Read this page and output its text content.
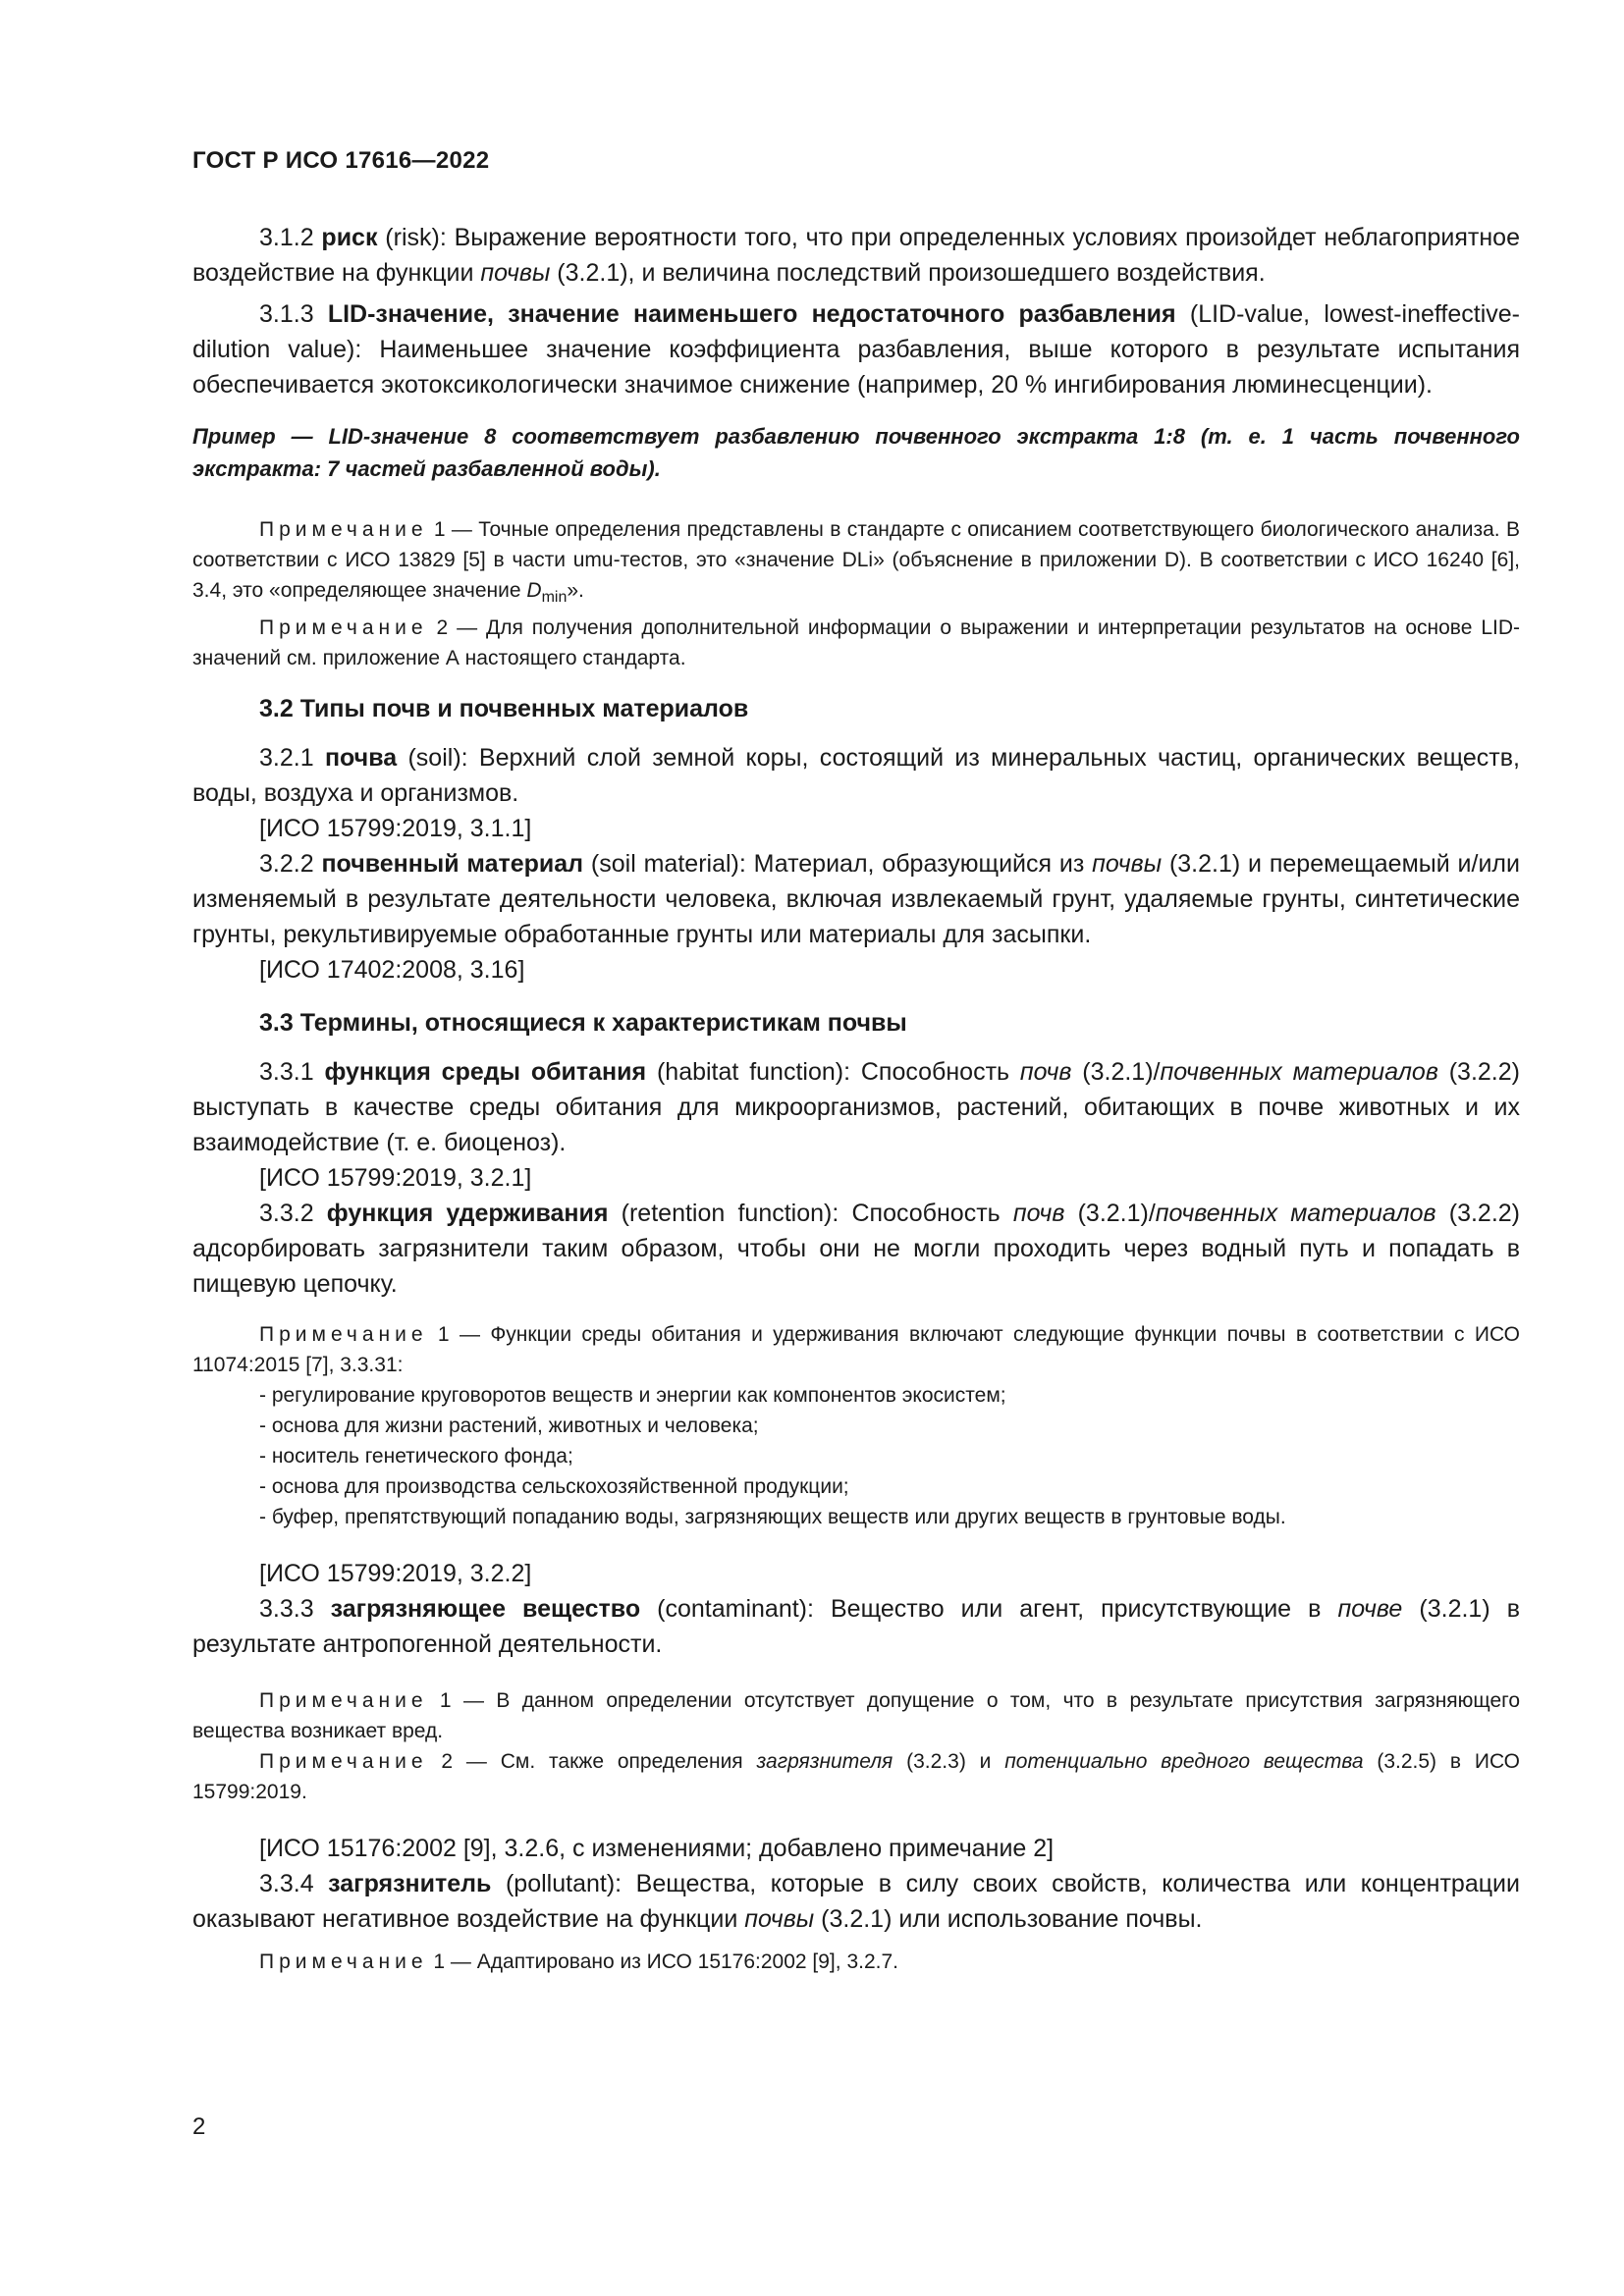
ГОСТ Р ИСО 17616—2022

3.1.2 риск (risk): Выражение вероятности того, что при определенных условиях произойдет неблагоприятное воздействие на функции почвы (3.2.1), и величина последствий произошедшего воздействия.

3.1.3 LID-значение, значение наименьшего недостаточного разбавления (LID-value, lowest-ineffective-dilution value): Наименьшее значение коэффициента разбавления, выше которого в результате испытания обеспечивается экотоксикологически значимое снижение (например, 20 % ингибирования люминесценции).

Пример — LID-значение 8 соответствует разбавлению почвенного экстракта 1:8 (т. е. 1 часть почвенного экстракта: 7 частей разбавленной воды).

Примечание 1 — Точные определения представлены в стандарте с описанием соответствующего биологического анализа. В соответствии с ИСО 13829 [5] в части umu-тестов, это «значение DLi» (объяснение в приложении D). В соответствии с ИСО 16240 [6], 3.4, это «определяющее значение $D_{min}$».

Примечание 2 — Для получения дополнительной информации о выражении и интерпретации результатов на основе LID-значений см. приложение А настоящего стандарта.

3.2 Типы почв и почвенных материалов

3.2.1 почва (soil): Верхний слой земной коры, состоящий из минеральных частиц, органических веществ, воды, воздуха и организмов.

[ИСО 15799:2019, 3.1.1]

3.2.2 почвенный материал (soil material): Материал, образующийся из почвы (3.2.1) и перемещаемый и/или изменяемый в результате деятельности человека, включая извлекаемый грунт, удаляемые грунты, синтетические грунты, рекультивируемые обработанные грунты или материалы для засыпки.

[ИСО 17402:2008, 3.16]

3.3 Термины, относящиеся к характеристикам почвы

3.3.1 функция среды обитания (habitat function): Способность почв (3.2.1)/почвенных материалов (3.2.2) выступать в качестве среды обитания для микроорганизмов, растений, обитающих в почве животных и их взаимодействие (т. е. биоценоз).

[ИСО 15799:2019, 3.2.1]

3.3.2 функция удерживания (retention function): Способность почв (3.2.1)/почвенных материалов (3.2.2) адсорбировать загрязнители таким образом, чтобы они не могли проходить через водный путь и попадать в пищевую цепочку.

Примечание 1 — Функции среды обитания и удерживания включают следующие функции почвы в соответствии с ИСО 11074:2015 [7], 3.3.31:

- регулирование круговоротов веществ и энергии как компонентов экосистем;
- основа для жизни растений, животных и человека;
- носитель генетического фонда;
- основа для производства сельскохозяйственной продукции;
- буфер, препятствующий попаданию воды, загрязняющих веществ или других веществ в грунтовые воды.

[ИСО 15799:2019, 3.2.2]

3.3.3 загрязняющее вещество (contaminant): Вещество или агент, присутствующие в почве (3.2.1) в результате антропогенной деятельности.

Примечание 1 — В данном определении отсутствует допущение о том, что в результате присутствия загрязняющего вещества возникает вред.

Примечание 2 — См. также определения загрязнителя (3.2.3) и потенциально вредного вещества (3.2.5) в ИСО 15799:2019.

[ИСО 15176:2002 [9], 3.2.6, с изменениями; добавлено примечание 2]

3.3.4 загрязнитель (pollutant): Вещества, которые в силу своих свойств, количества или концентрации оказывают негативное воздействие на функции почвы (3.2.1) или использование почвы.

Примечание 1 — Адаптировано из ИСО 15176:2002 [9], 3.2.7.

2
